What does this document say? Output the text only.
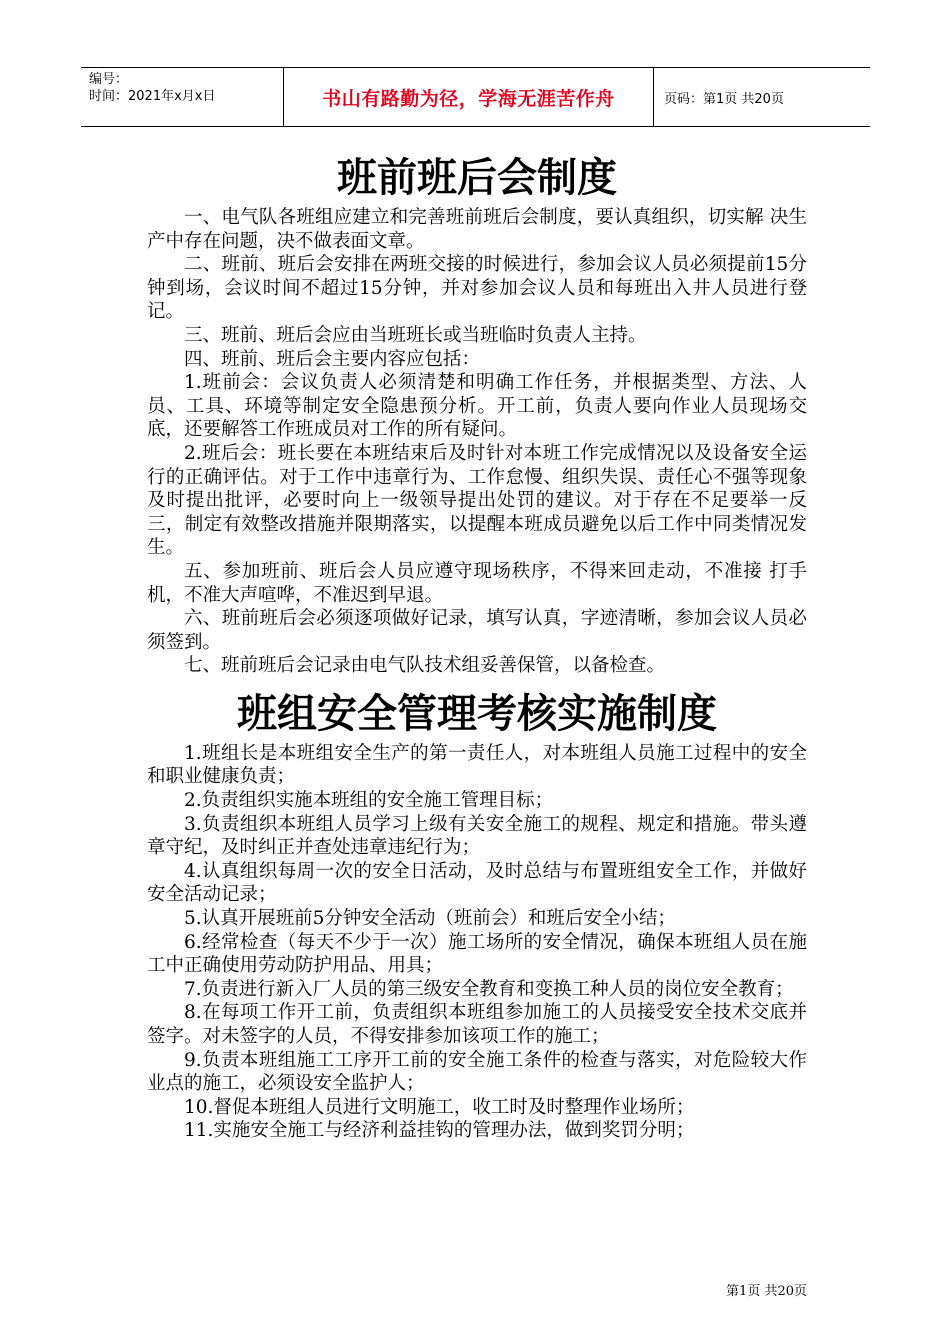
编号：
时间：2021年x月x日	书山有路勤为径，学海无涯苦作舟	页码：第1页 共20页
班前班后会制度

一、电气队各班组应建立和完善班前班后会制度，要认真组织，切实解 决生产中存在问题，决不做表面文章。

二、班前、班后会安排在两班交接的时候进行，参加会议人员必须提前15分钟到场，会议时间不超过15分钟，并对参加会议人员和每班出入井人员进行登记。

三、班前、班后会应由当班班长或当班临时负责人主持。

四、班前、班后会主要内容应包括：

1.班前会：会议负责人必须清楚和明确工作任务，并根据类型、方法、人员、工具、环境等制定安全隐患预分析。开工前，负责人要向作业人员现场交底，还要解答工作班成员对工作的所有疑问。

2.班后会：班长要在本班结束后及时针对本班工作完成情况以及设备安全运行的正确评估。对于工作中违章行为、工作怠慢、组织失误、责任心不强等现象及时提出批评，必要时向上一级领导提出处罚的建议。对于存在不足要举一反三，制定有效整改措施并限期落实，以提醒本班成员避免以后工作中同类情况发生。

五、参加班前、班后会人员应遵守现场秩序，不得来回走动，不准接 打手机，不准大声喧哗，不准迟到早退。

六、班前班后会必须逐项做好记录，填写认真，字迹清晰，参加会议人员必须签到。

七、班前班后会记录由电气队技术组妥善保管，以备检查。

班组安全管理考核实施制度

1.班组长是本班组安全生产的第一责任人，对本班组人员施工过程中的安全和职业健康负责；

2.负责组织实施本班组的安全施工管理目标；

3.负责组织本班组人员学习上级有关安全施工的规程、规定和措施。带头遵章守纪，及时纠正并查处违章违纪行为；

4.认真组织每周一次的安全日活动，及时总结与布置班组安全工作，并做好安全活动记录；

5.认真开展班前5分钟安全活动（班前会）和班后安全小结；

6.经常检查（每天不少于一次）施工场所的安全情况，确保本班组人员在施工中正确使用劳动防护用品、用具；

7.负责进行新入厂人员的第三级安全教育和变换工种人员的岗位安全教育；

8.在每项工作开工前，负责组织本班组参加施工的人员接受安全技术交底并签字。对未签字的人员，不得安排参加该项工作的施工；

9.负责本班组施工工序开工前的安全施工条件的检查与落实，对危险较大作业点的施工，必须设安全监护人；

10.督促本班组人员进行文明施工，收工时及时整理作业场所；

11.实施安全施工与经济利益挂钩的管理办法，做到奖罚分明；

第1页 共20页
